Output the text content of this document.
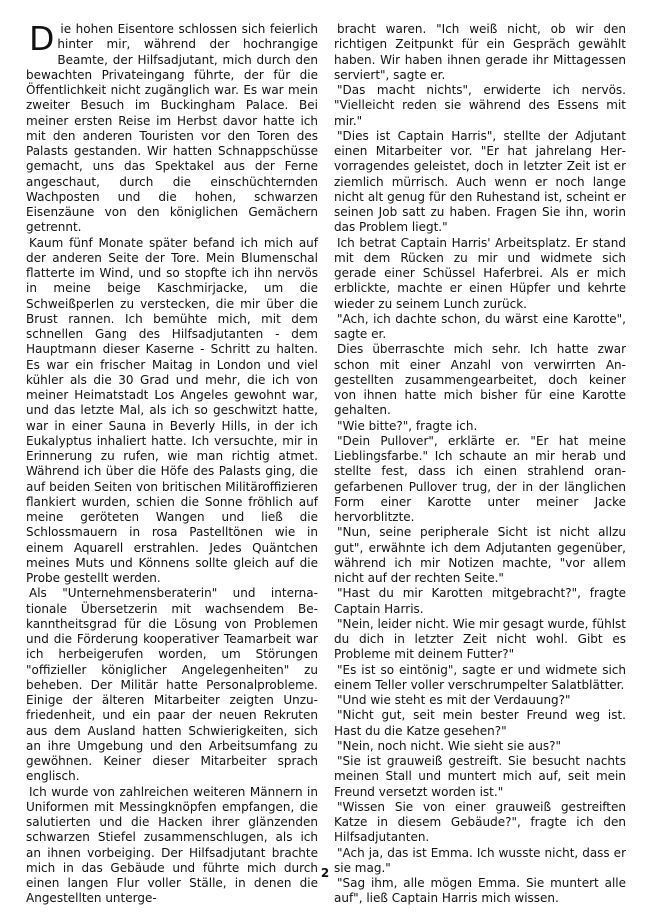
Die hohen Eisentore schlossen sich feierlich hinter mir, während der hochrangige Beamte, der Hilfsadjutant, mich durch den bewachten Privateingang führte, der für die Öffentlichkeit nicht zugänglich war. Es war mein zweiter Besuch im Buckingham Palace. Bei meiner ersten Reise im Herbst davor hatte ich mit den anderen Touristen vor den Toren des Palasts gestanden. Wir hatten Schnappschüsse gemacht, uns das Spektakel aus der Ferne angeschaut, durch die einschüchternden Wachposten und die hohen, schwarzen Eisenzäune von den königlichen Gemächern getrennt.

Kaum fünf Monate später befand ich mich auf der anderen Seite der Tore. Mein Blumenschal flatterte im Wind, und so stopfte ich ihn nervös in meine beige Kaschmirjacke, um die Schweißperlen zu verstecken, die mir über die Brust rannen. Ich bemühte mich, mit dem schnellen Gang des Hilfsadjutanten - dem Hauptmann dieser Kaserne - Schritt zu halten. Es war ein frischer Maitag in London und viel kühler als die 30 Grad und mehr, die ich von meiner Heimatstadt Los Angeles gewohnt war, und das letzte Mal, als ich so geschwitzt hatte, war in einer Sauna in Beverly Hills, in der ich Eukalyptus inhaliert hatte. Ich versuchte, mir in Erinnerung zu rufen, wie man richtig atmet. Während ich über die Höfe des Palasts ging, die auf beiden Seiten von britischen Militäroffizieren flankiert wurden, schien die Sonne fröhlich auf meine geröteten Wangen und ließ die Schlossmauern in rosa Pastelltönen wie in einem Aquarell erstrahlen. Jedes Quäntchen meines Muts und Könnens sollte gleich auf die Probe gestellt werden.

Als "Unternehmensberaterin" und internationale Übersetzerin mit wachsendem Bekanntheitsgrad für die Lösung von Problemen und die Förderung kooperativer Teamarbeit war ich herbeigerufen worden, um Störungen "offizieller königlicher Angelegenheiten" zu beheben. Der Militär hatte Personalprobleme. Einige der älteren Mitarbeiter zeigten Unzufriedenheit, und ein paar der neuen Rekruten aus dem Ausland hatten Schwierigkeiten, sich an ihre Umgebung und den Arbeitsumfang zu gewöhnen. Keiner dieser Mitarbeiter sprach englisch.

Ich wurde von zahlreichen weiteren Männern in Uniformen mit Messingknöpfen empfangen, die salutierten und die Hacken ihrer glänzenden schwarzen Stiefel zusammenschlugen, als ich an ihnen vorbeiging. Der Hilfsadjutant brachte mich in das Gebäude und führte mich durch einen langen Flur voller Ställe, in denen die Angestellten unterge-

bracht waren. "Ich weiß nicht, ob wir den richtigen Zeitpunkt für ein Gespräch gewählt haben. Wir haben ihnen gerade ihr Mittagessen serviert", sagte er.

"Das macht nichts", erwiderte ich nervös. "Vielleicht reden sie während des Essens mit mir."

"Dies ist Captain Harris", stellte der Adjutant einen Mitarbeiter vor. "Er hat jahrelang Hervorragendes geleistet, doch in letzter Zeit ist er ziemlich mürrisch. Auch wenn er noch lange nicht alt genug für den Ruhestand ist, scheint er seinen Job satt zu haben. Fragen Sie ihn, worin das Problem liegt."

Ich betrat Captain Harris' Arbeitsplatz. Er stand mit dem Rücken zu mir und widmete sich gerade einer Schüssel Haferbrei. Als er mich erblickte, machte er einen Hüpfer und kehrte wieder zu seinem Lunch zurück.

"Ach, ich dachte schon, du wärst eine Karotte", sagte er.

Dies überraschte mich sehr. Ich hatte zwar schon mit einer Anzahl von verwirrten Angestellten zusammengearbeitet, doch keiner von ihnen hatte mich bisher für eine Karotte gehalten.

"Wie bitte?", fragte ich.

"Dein Pullover", erklärte er. "Er hat meine Lieblingsfarbe." Ich schaute an mir herab und stellte fest, dass ich einen strahlend orangefarbenen Pullover trug, der in der länglichen Form einer Karotte unter meiner Jacke hervorblitzte.

"Nun, seine peripherale Sicht ist nicht allzu gut", erwähnte ich dem Adjutanten gegenüber, während ich mir Notizen machte, "vor allem nicht auf der rechten Seite."

"Hast du mir Karotten mitgebracht?", fragte Captain Harris.

"Nein, leider nicht. Wie mir gesagt wurde, fühlst du dich in letzter Zeit nicht wohl. Gibt es Probleme mit deinem Futter?"

"Es ist so eintönig", sagte er und widmete sich einem Teller voller verschrumpelter Salatblätter.

"Und wie steht es mit der Verdauung?"

"Nicht gut, seit mein bester Freund weg ist. Hast du die Katze gesehen?"

"Nein, noch nicht. Wie sieht sie aus?"

"Sie ist grauweiß gestreift. Sie besucht nachts meinen Stall und muntert mich auf, seit mein Freund versetzt worden ist."

"Wissen Sie von einer grauweiß gestreiften Katze in diesem Gebäude?", fragte ich den Hilfsadjutanten.

"Ach ja, das ist Emma. Ich wusste nicht, dass er sie mag."

"Sag ihm, alle mögen Emma. Sie muntert alle auf", ließ Captain Harris mich wissen.

2
